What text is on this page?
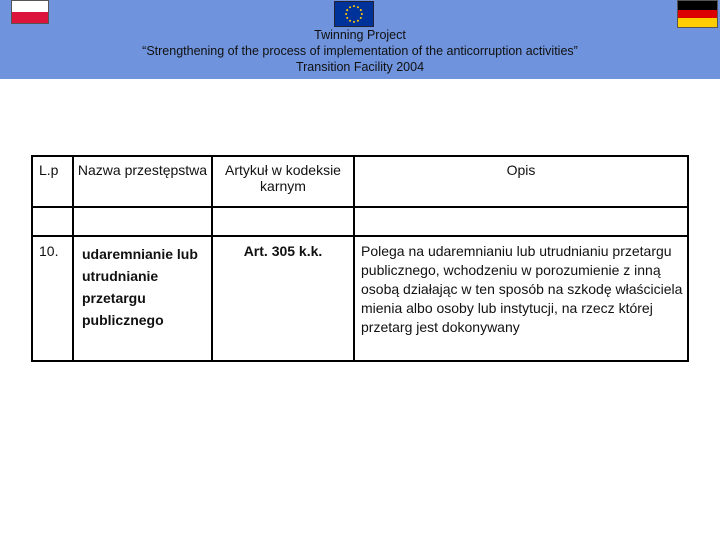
Twinning Project
“Strengthening of the process of implementation of the anticorruption activities”
Transition Facility 2004
L.p	Nazwa przestępstwa	Artykuł w kodeksie karnym	Opis

10.	udaremnianie lub utrudnianie przetargu publicznego	Art. 305 k.k.	Polega na udaremnianiu lub utrudnianiu przetargu publicznego, wchodzeniu w porozumienie z inną osobą działając w ten sposób na szkodę właściciela mienia albo osoby lub instytucji, na rzecz której przetarg jest dokonywany
